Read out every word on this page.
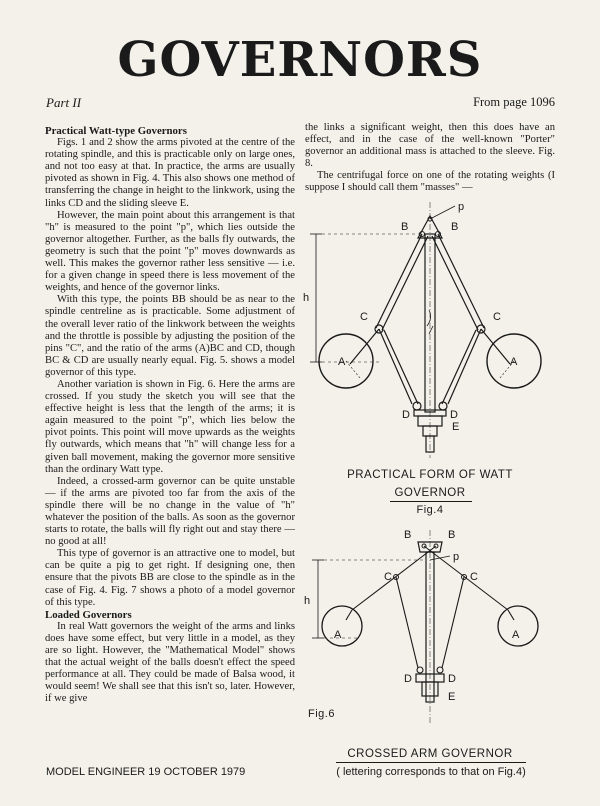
GOVERNORS
Part II	From page 1096
Practical Watt-type Governors

Figs. 1 and 2 show the arms pivoted at the centre of the rotating spindle, and this is practicable only on large ones, and not too easy at that. In practice, the arms are usually pivoted as shown in Fig. 4. This also shows one method of transferring the change in height to the linkwork, using the links CD and the sliding sleeve E.

However, the main point about this arrangement is that "h" is measured to the point "p", which lies outside the governor altogether. Further, as the balls fly outwards, the geometry is such that the point "p" moves downwards as well. This makes the governor rather less sensitive — i.e. for a given change in speed there is less movement of the weights, and hence of the governor links.

With this type, the points BB should be as near to the spindle centreline as is practicable. Some adjustment of the overall lever ratio of the linkwork between the weights and the throttle is possible by adjusting the position of the pins "C", and the ratio of the arms (A)BC and CD, though BC & CD are usually nearly equal. Fig. 5. shows a model governor of this type.

Another variation is shown in Fig. 6. Here the arms are crossed. If you study the sketch you will see that the effective height is less that the length of the arms; it is again measured to the point "p", which lies below the pivot points. This point will move upwards as the weights fly outwards, which means that "h" will change less for a given ball movement, making the governor more sensitive than the ordinary Watt type.

Indeed, a crossed-arm governor can be quite unstable — if the arms are pivoted too far from the axis of the spindle there will be no change in the value of "h" whatever the position of the balls. As soon as the governor starts to rotate, the balls will fly right out and stay there — no good at all!

This type of governor is an attractive one to model, but can be quite a pig to get right. If designing one, then ensure that the pivots BB are close to the spindle as in the case of Fig. 4. Fig. 7 shows a photo of a model governor of this type.

Loaded Governors

In real Watt governors the weight of the arms and links does have some effect, but very little in a model, as they are so light. However, the "Mathematical Model" shows that the actual weight of the balls doesn't effect the speed performance at all. They could be made of Balsa wood, it would seem! We shall see that this isn't so, later. However, if we give

the links a significant weight, then this does have an effect, and in the case of the well-known "Porter" governor an additional mass is attached to the sleeve. Fig. 8.

The centrifugal force on one of the rotating weights (I suppose I should call them "masses" —

p
B	B
h
C	C
A	A
D	D
E
PRACTICAL FORM OF WATT
GOVERNOR
Fig.4
B	B
p
h
C	C
A	A
D	D
E
Fig.6
CROSSED ARM GOVERNOR
( lettering corresponds to that on Fig.4)
MODEL ENGINEER 19 OCTOBER 1979
